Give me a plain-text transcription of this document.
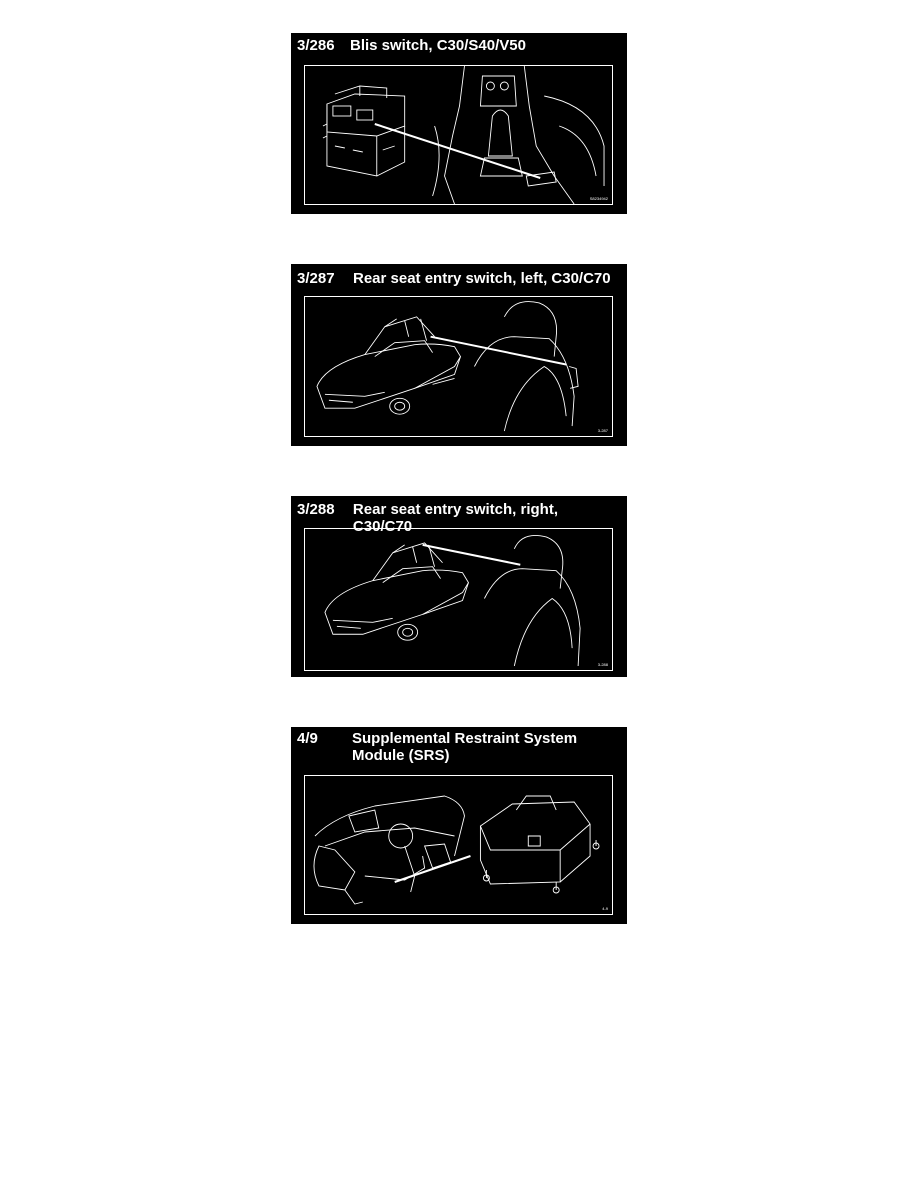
3/286	Blis switch, C30/S40/V50
S8234942
3/287	Rear seat entry switch, left, C30/C70
3-287
3/288	Rear seat entry switch, right, C30/C70
3-288
4/9	Supplemental Restraint System
Module (SRS)
4-9
